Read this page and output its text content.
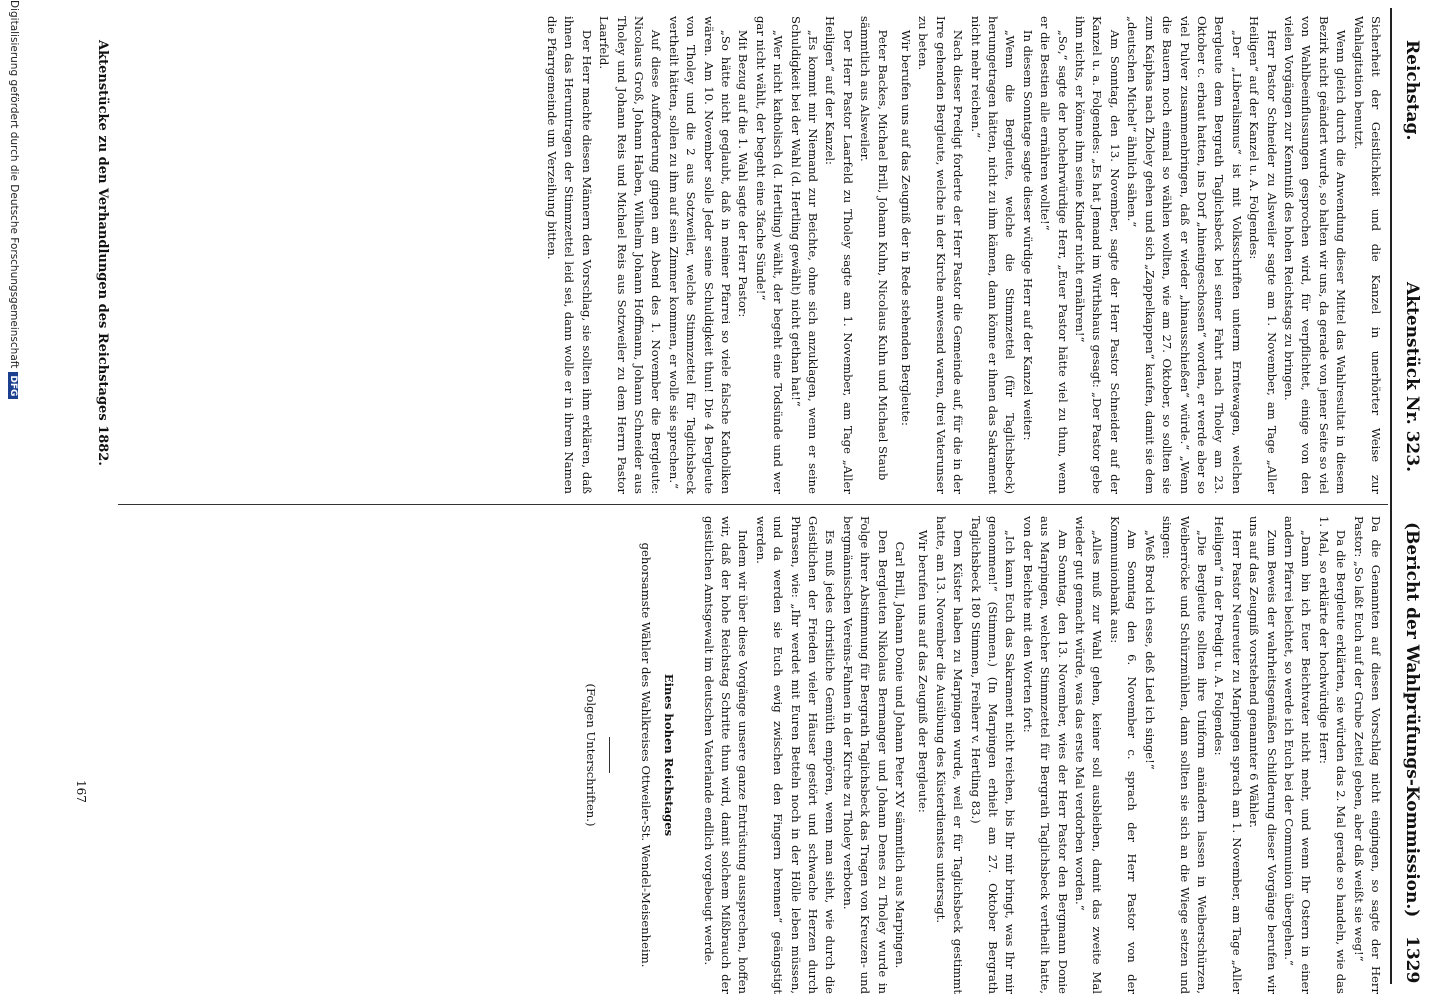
Reichstag.
Aktenstück Nr. 323.
(Bericht der Wahlprüfungs-Kommission.)
1329

Sicherheit der Geistlichkeit und die Kanzel in unerhörter Weise zur Wahlagitation benutzt.

Wenn gleich durch die Anwendung dieser Mittel das Wahlresultat in diesem Bezirk nicht geändert wurde, so halten wir uns, da gerade von jener Seite so viel von Wahlbeeinflussungen gesprochen wird, für verpflichtet, einige von den vielen Vorgängen zur Kenntniß des hohen Reichstags zu bringen.

Herr Pastor Schneider zu Alsweiler sagte am 1. November, am Tage „Aller Heiligen“ auf der Kanzel u. A. Folgendes:

„Der „Liberalismus“ ist mit Volksschriften unterm Erntewagen, welchen Bergleute dem Bergrath Taglichsbeck bei seiner Fahrt nach Tholey am 23. Oktober c. erbaut hatten, ins Dorf „hineingeschossen“ worden, er werde aber so viel Pulver zusammenbringen, daß er wieder „hinausschießen“ würde.“ „Wenn die Bauern noch einmal so wählen wollten, wie am 27. Oktober, so sollten sie zum Kaiphas nach Zholey gehen und sich „Zappelkappen“ kaufen, damit sie dem „deutschen Michel“ ähnlich sähen.“

Am Sonntag, den 13. November, sagte der Herr Pastor Schneider auf der Kanzel u. a. Folgendes: „Es hat Jemand im Wirthshaus gesagt: „Der Pastor gebe ihm nichts, er könne ihm seine Kinder nicht ernähren!“

„So,“ sagte der hochehrwürdige Herr, „Euer Pastor hätte viel zu thun, wenn er die Bestien alle ernähren wollte!“

In diesem Sonntage sagte dieser würdige Herr auf der Kanzel weiter:

„Wenn die Bergleute, welche die Stimmzettel (für Taglichsbeck) herumgetragen hätten, nicht zu ihm kämen, dann könne er ihnen das Sakrament nicht mehr reichen.“

Nach dieser Predigt forderte der Herr Pastor die Gemeinde auf, für die in der Irre gehenden Bergleute, welche in der Kirche anwesend waren, drei Vaterunser zu beten.

Wir berufen uns auf das Zeugniß der in Rede stehenden Bergleute:

Peter Backes, Michael Brill, Johann Kuhn, Nicolaus Kuhn und Michael Staub

sämmtlich aus Alsweiler.

Der Herr Pastor Laarfeld zu Tholey sagte am 1. November, am Tage „Aller Heiligen“ auf der Kanzel:

„Es kommt mir Niemand zur Beichte, ohne sich anzuklagen, wenn er seine Schuldigkeit bei der Wahl (d. Hertling gewählt) nicht gethan hat!“

„Wer nicht katholisch (d. Hertling) wählt, der begeht eine Todsünde und wer gar nicht wählt, der begeht eine 3fache Sünde!“

Mit Bezug auf die 1. Wahl sagte der Herr Pastor:

„So hätte nicht geglaubt, daß in meiner Pfarrei so viele falsche Katholiken wären. Am 10. November solle Jeder seine Schuldigkeit thun! Die 4 Bergleute von Tholey und die 2 aus Sotzweiler, welche Stimmzettel für Taglichsbeck vertheilt hätten, sollen zu ihm auf sein Zimmer kommen, er wolle sie sprechen.“

Auf diese Aufforderung gingen am Abend des 1. November die Bergleute: Nicolaus Groß, Johann Haben, Wilhelm Johann Hoffmann, Johann Schneider aus Tholey und Johann Reis und Michael Reis aus Sotzweiler zu dem Herrn Pastor Laarfeld.

Der Herr machte diesen Männern den Vorschlag, sie sollten ihm erklären, daß ihnen das Herumtragen der Stimmzettel leid sei, dann wolle er in ihrem Namen die Pfarrgemeinde um Verzeihung bitten.

Da die Genannten auf diesen Vorschlag nicht eingingen, so sagte der Herr Pastor: „So laßt Euch auf der Grube Zettel geben, aber daß weißt sie weg!“

Da die Bergleute erklärten, sie würden das 2. Mal gerade so handeln, wie das 1. Mal, so erklärte der hochwürdige Herr:

„Dann bin ich Euer Beichtvater nicht mehr, und wenn Ihr Ostern in einer andern Pfarrei beichtet, so werde ich Euch bei der Communion übergehen.“

Zum Beweis der wahrheitsgemäßen Schilderung dieser Vorgänge berufen wir uns auf das Zeugniß vorstehend genannter 6 Wähler.

Herr Pastor Neureuter zu Marpingen sprach am 1. November, am Tage „Aller Heiligen“ in der Predigt u. A. Folgendes:

„Die Bergleute sollten ihre Uniform anändern lassen in Weiberschürzen, Weiberröcke und Schürzmühlen, dann sollten sie sich an die Wiege setzen und singen:

„Weß Brod ich esse, deß Lied ich singe!“

Am Sonntag den 6. November c. sprach der Herr Pastor von der Kommunionbank aus:

„Alles muß zur Wahl gehen, keiner soll ausbleiben, damit das zweite Mal wieder gut gemacht würde, was das erste Mal verdorben worden.“

Am Sonntag, den 13. November, wies der Herr Pastor den Bergmann Donie aus Marpingen, welcher Stimmzettel für Bergrath Taglichsbeck vertheilt hatte, von der Beichte mit den Worten fort:

„Ich kann Euch das Sakrament nicht reichen, bis Ihr mir bringt, was Ihr mir genommen!“ (Stimmen.) (In Marpingen erhielt am 27. Oktober Bergrath Taglichsbeck 180 Stimmen, Freiherr v. Hertling 83.)

Dem Küster haben zu Marpingen wurde, weil er für Taglichsbeck gestimmt hatte, am 13. November die Ausübung des Küsterdienstes untersagt.

Wir berufen uns auf das Zeugniß der Bergleute:

Carl Brill, Johann Donie und Johann Peter XV sämmtlich aus Marpingen.

Den Bergleuten Nikolaus Bermanger und Johann Denes zu Tholey wurde in Folge ihrer Abstimmung für Bergrath Taglichsbeck das Tragen von Kreuzen- und bergmännischen Vereins-Fahnen in der Kirche zu Tholey verboten.

Es muß jedes christliche Gemüth empören, wenn man sieht, wie durch die Geistlichen der Frieden vieler Häuser gestört und schwache Herzen durch Phrasen, wie: „Ihr werdet mit Euren Betteln noch in der Hölle leben müssen, und da werden sie Euch ewig zwischen den Fingern brennen“ geängstigt werden.

Indem wir über diese Vorgänge unsere ganze Entrüstung aussprechen, hoffen wir, daß der hohe Reichstag Schritte thun wird, damit solchem Mißbrauch der geistlichen Amtsgewalt im deutschen Vaterlande endlich vorgebeugt werde.

Eines hohen Reichstages

gehorsamste Wähler des Wahlkreises Ottweiler-St. Wendel-Meisenheim.

(Folgen Unterschriften.)

Aktenstücke zu den Verhandlungen des Reichstages 1882.
167
Digitalisierung gefördert durch die Deutsche ForschungsgemeinschaftDFG
